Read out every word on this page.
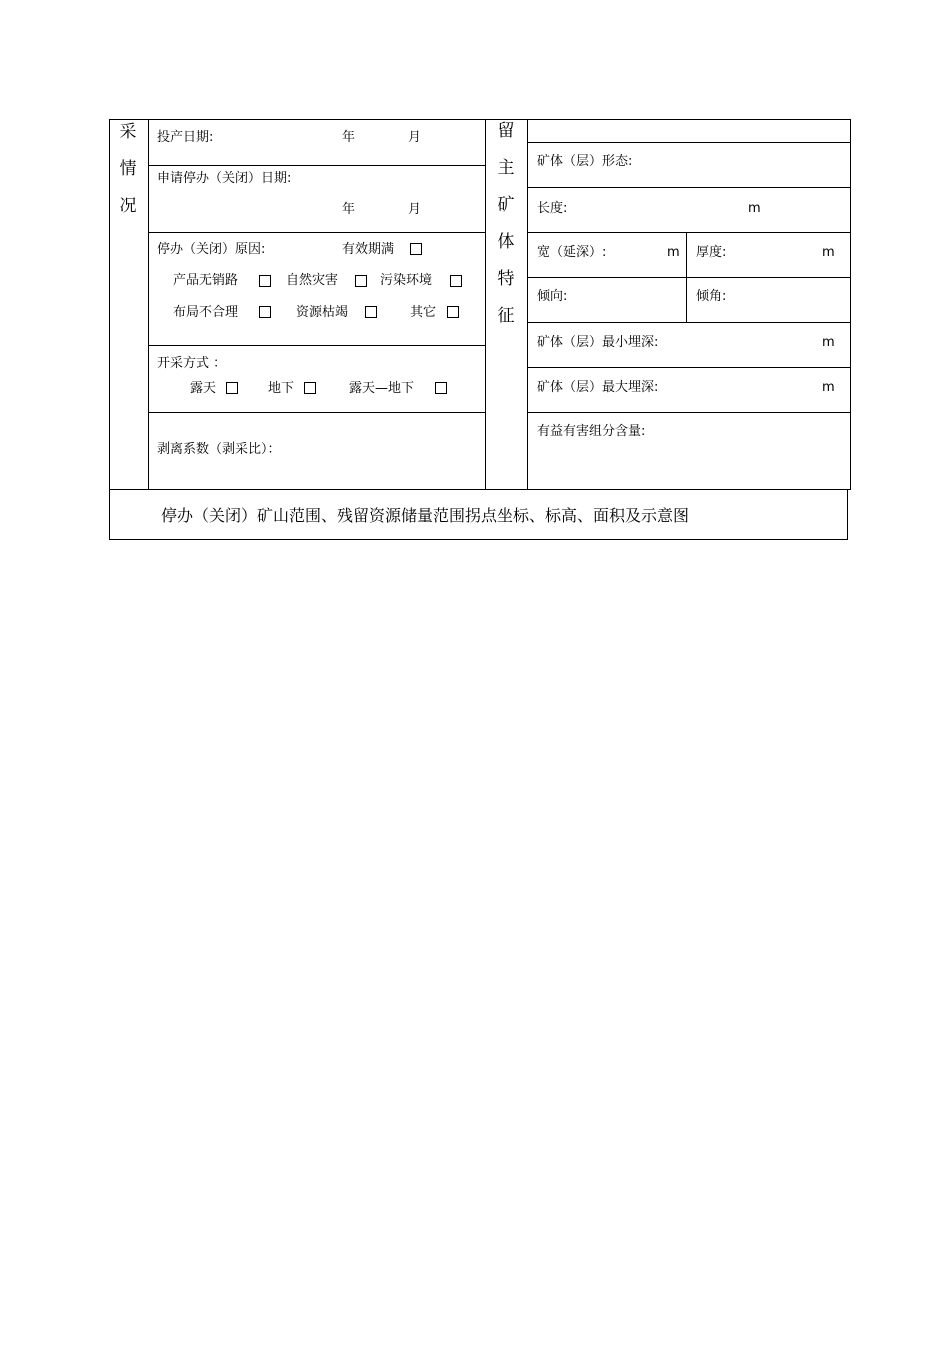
采
情
况
投产日期:	年	月
申请停办（关闭）日期:
年	月
停办（关闭）原因:	有效期满
产品无销路	自然灾害	污染环境
布局不合理	资源枯竭	其它
开采方式 ：
露天	地下	露天—地下
剥离系数（剥采比）：
留
主
矿
体
特
征
矿体（层）形态:
长度:	m
宽（延深）:	m 厚度:	m
倾向:	倾角:
矿体（层）最小埋深:	m
矿体（层）最大埋深:	m
有益有害组分含量:
停办（关闭）矿山范围、残留资源储量范围拐点坐标、标高、面积及示意图
